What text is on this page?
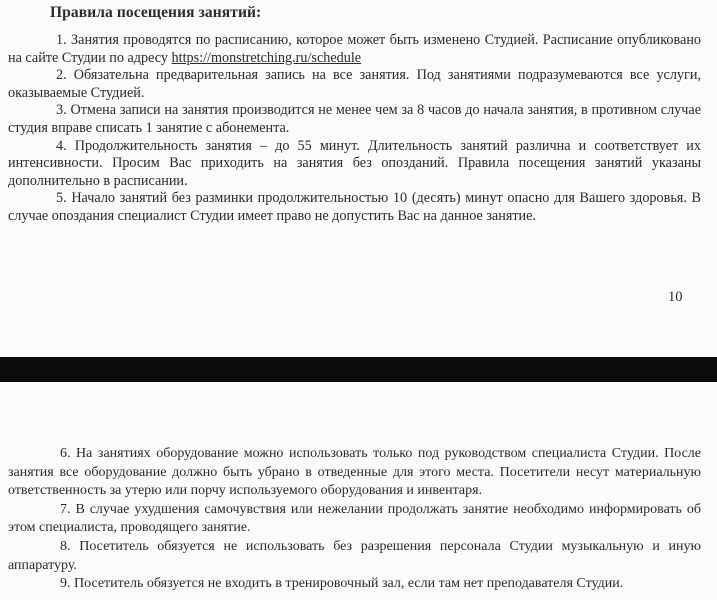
Правила посещения занятий:

1. Занятия проводятся по расписанию, которое может быть изменено Студией. Расписание опубликовано на сайте Студии по адресу https://monstretching.ru/schedule

2. Обязательна предварительная запись на все занятия. Под занятиями подразумеваются все услуги, оказываемые Студией.

3. Отмена записи на занятия производится не менее чем за 8 часов до начала занятия, в противном случае студия вправе списать 1 занятие с абонемента.

4. Продолжительность занятия – до 55 минут. Длительность занятий различна и соответствует их интенсивности. Просим Вас приходить на занятия без опозданий. Правила посещения занятий указаны дополнительно в расписании.

5. Начало занятий без разминки продолжительностью 10 (десять) минут опасно для Вашего здоровья. В случае опоздания специалист Студии имеет право не допустить Вас на данное занятие.

10

6. На занятиях оборудование можно использовать только под руководством специалиста Студии. После занятия все оборудование должно быть убрано в отведенные для этого места. Посетители несут материальную ответственность за утерю или порчу используемого оборудования и инвентаря.

7. В случае ухудшения самочувствия или нежелании продолжать занятие необходимо информировать об этом специалиста, проводящего занятие.

8. Посетитель обязуется не использовать без разрешения персонала Студии музыкальную и иную аппаратуру.

9. Посетитель обязуется не входить в тренировочный зал, если там нет преподавателя Студии.
